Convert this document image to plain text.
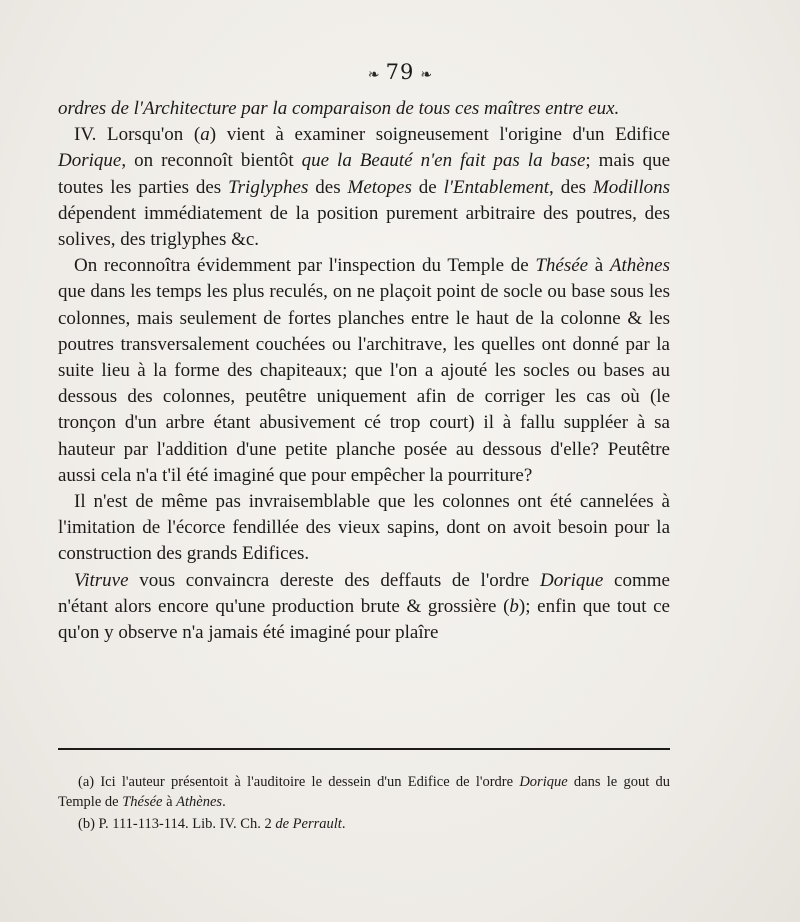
❧ 79 ❧

ordres de l'Architecture par la comparaison de tous ces maîtres entre eux.

IV. Lorsqu'on (a) vient à examiner soigneusement l'origine d'un Edifice Dorique, on reconnoît bientôt que la Beauté n'en fait pas la base; mais que toutes les parties des Triglyphes des Metopes de l'Entablement, des Modillons dépendent immédiatement de la position purement arbitraire des poutres, des solives, des triglyphes &c.

On reconnoîtra évidemment par l'inspection du Temple de Thésée à Athènes que dans les temps les plus reculés, on ne plaçoit point de socle ou base sous les colonnes, mais seulement de fortes planches entre le haut de la colonne & les poutres transversalement couchées ou l'architrave, les quelles ont donné par la suite lieu à la forme des chapiteaux; que l'on a ajouté les socles ou bases au dessous des colonnes, peutêtre uniquement afin de corriger les cas où (le tronçon d'un arbre étant abusivement cé trop court) il à fallu suppléer à sa hauteur par l'addition d'une petite planche posée au dessous d'elle? Peutêtre aussi cela n'a t'il été imaginé que pour empêcher la pourriture?

Il n'est de même pas invraisemblable que les colonnes ont été cannelées à l'imitation de l'écorce fendillée des vieux sapins, dont on avoit besoin pour la construction des grands Edifices.

Vitruve vous convaincra dereste des deffauts de l'ordre Dorique comme n'étant alors encore qu'une production brute & grossière (b); enfin que tout ce qu'on y observe n'a jamais été imaginé pour plaîre

(a) Ici l'auteur présentoit à l'auditoire le dessein d'un Edifice de l'ordre Dorique dans le gout du Temple de Thésée à Athènes.

(b) P. 111-113-114. Lib. IV. Ch. 2 de Perrault.
